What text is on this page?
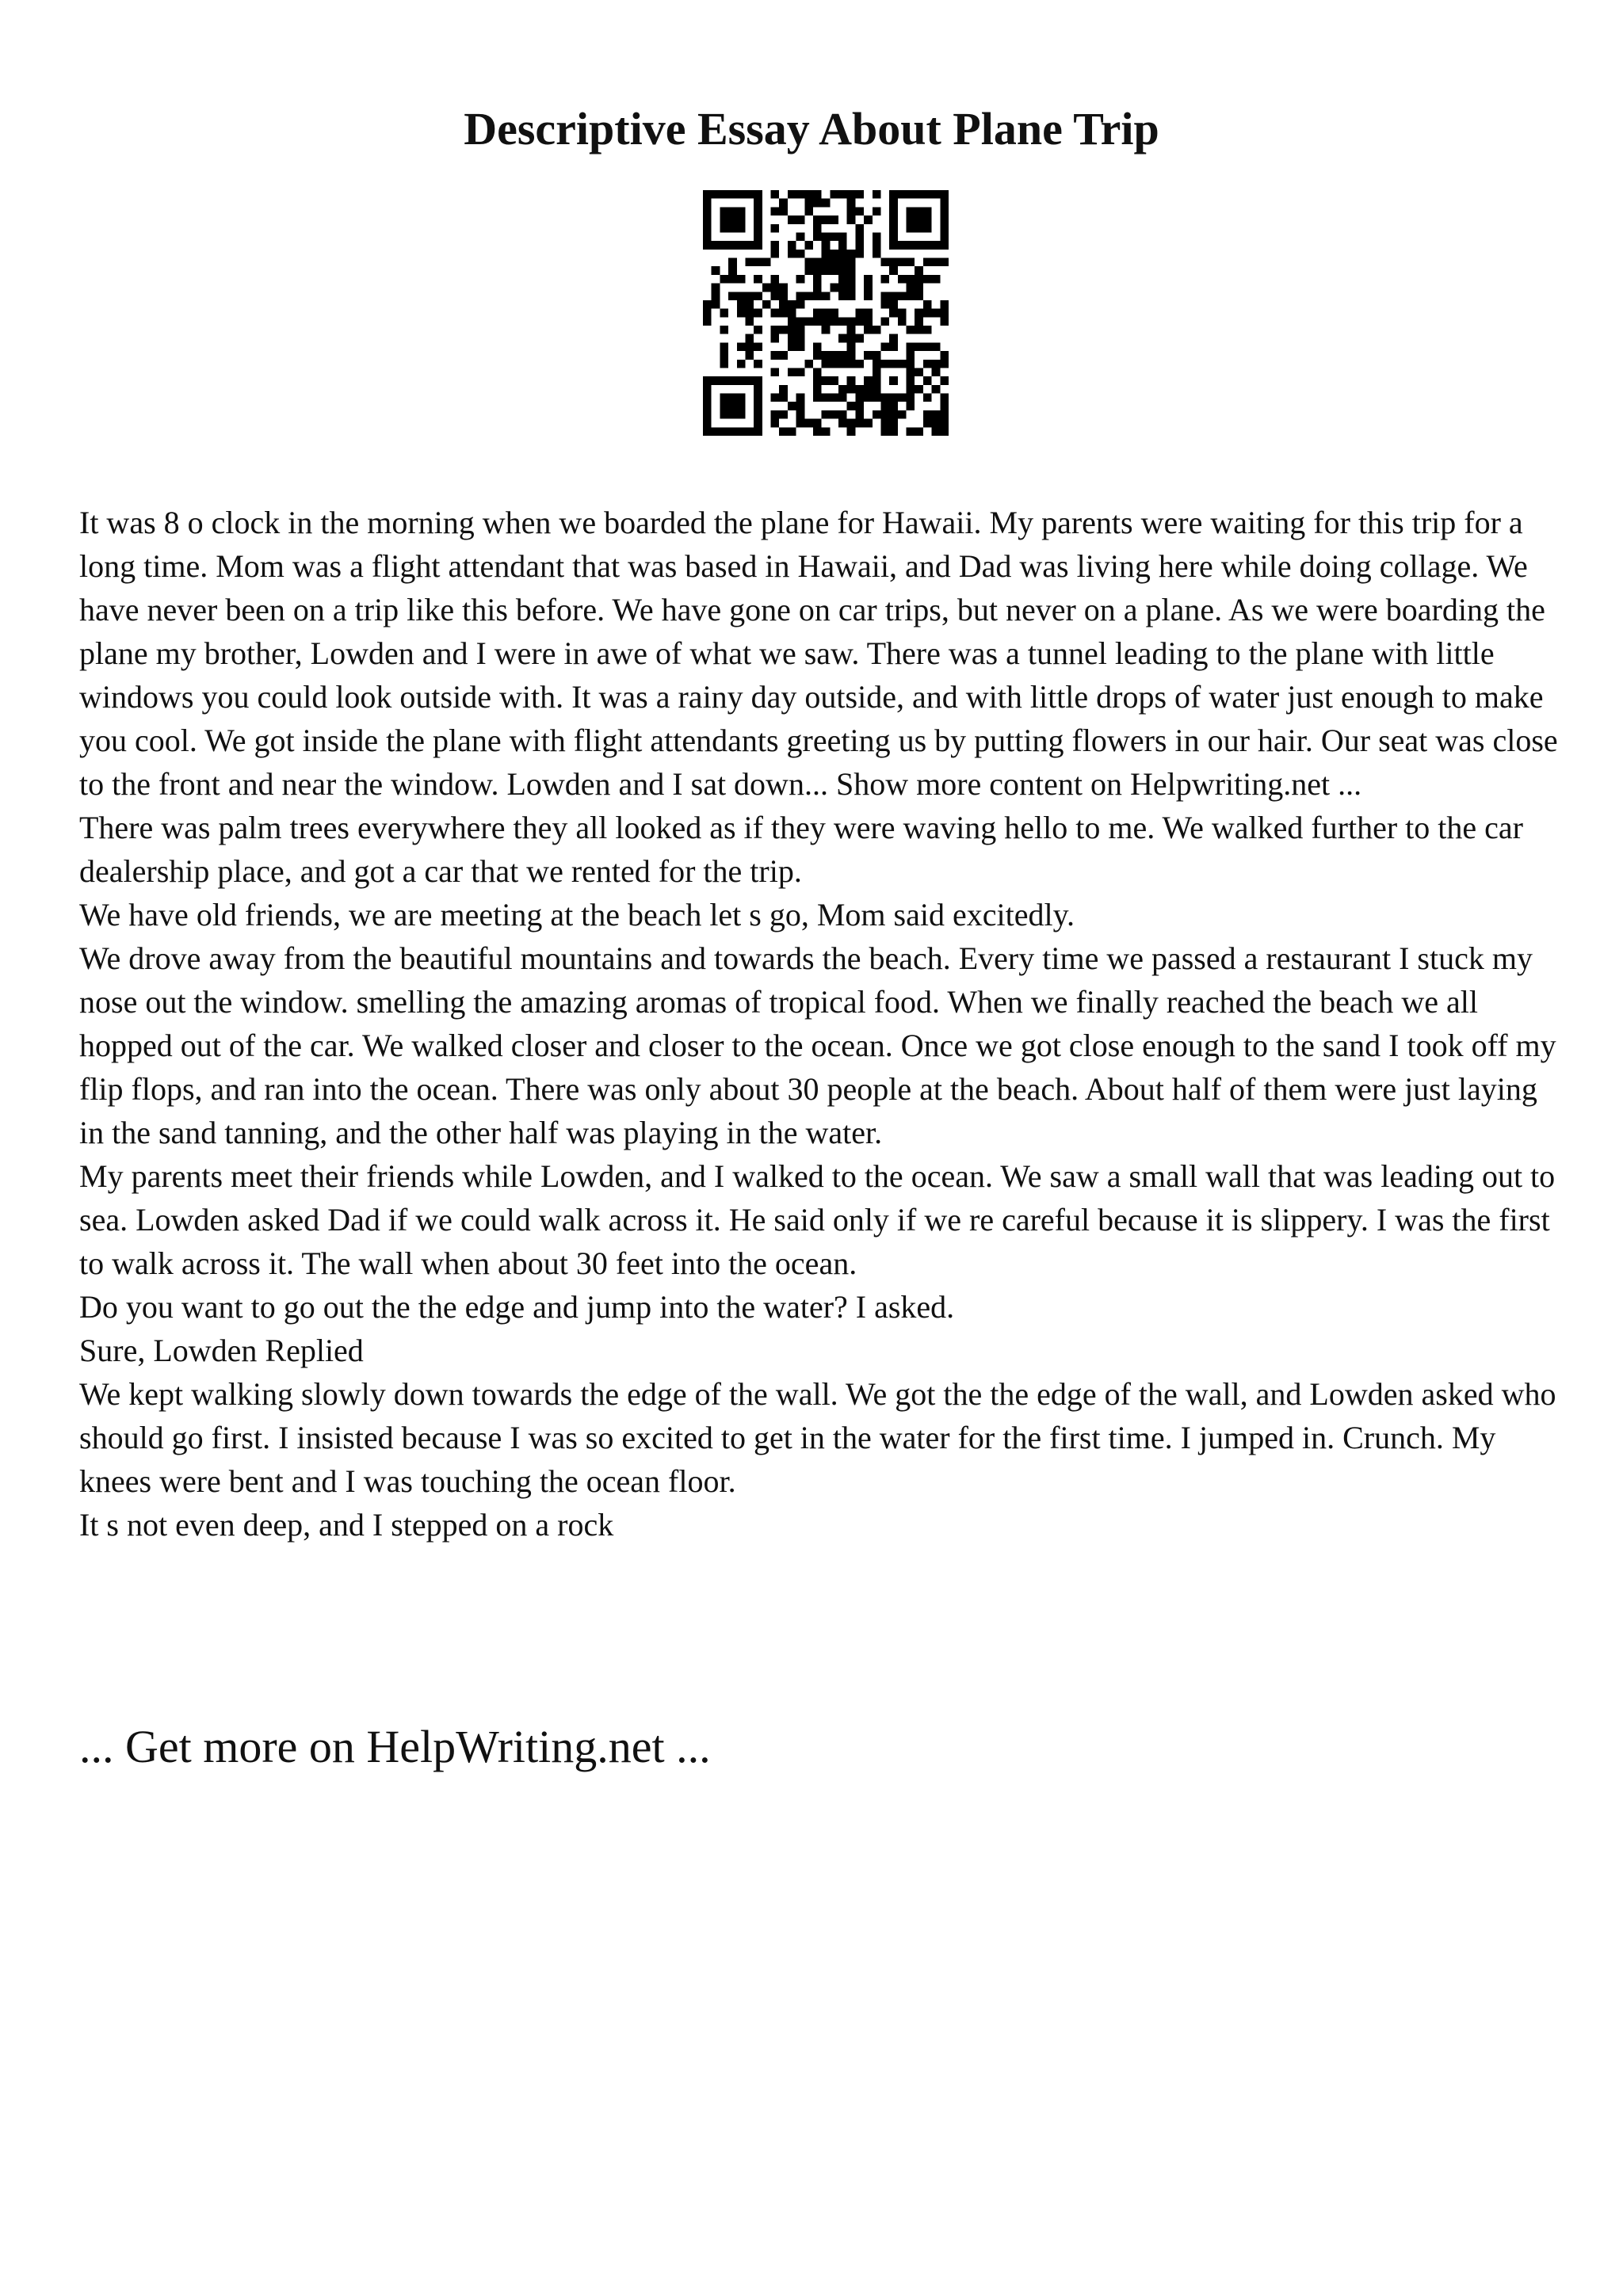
Descriptive Essay About Plane Trip

It was 8 o clock in the morning when we boarded the plane for Hawaii. My parents were waiting for this trip for a long time. Mom was a flight attendant that was based in Hawaii, and Dad was living here while doing collage. We have never been on a trip like this before. We have gone on car trips, but never on a plane. As we were boarding the plane my brother, Lowden and I were in awe of what we saw. There was a tunnel leading to the plane with little windows you could look outside with. It was a rainy day outside, and with little drops of water just enough to make you cool. We got inside the plane with flight attendants greeting us by putting flowers in our hair. Our seat was close to the front and near the window. Lowden and I sat down... Show more content on Helpwriting.net ...

There was palm trees everywhere they all looked as if they were waving hello to me. We walked further to the car dealership place, and got a car that we rented for the trip.

We have old friends, we are meeting at the beach let s go, Mom said excitedly.

We drove away from the beautiful mountains and towards the beach. Every time we passed a restaurant I stuck my nose out the window. smelling the amazing aromas of tropical food. When we finally reached the beach we all hopped out of the car. We walked closer and closer to the ocean. Once we got close enough to the sand I took off my flip flops, and ran into the ocean. There was only about 30 people at the beach. About half of them were just laying in the sand tanning, and the other half was playing in the water.

My parents meet their friends while Lowden, and I walked to the ocean. We saw a small wall that was leading out to sea. Lowden asked Dad if we could walk across it. He said only if we re careful because it is slippery. I was the first to walk across it. The wall when about 30 feet into the ocean.

Do you want to go out the the edge and jump into the water? I asked.

Sure, Lowden Replied

We kept walking slowly down towards the edge of the wall. We got the the edge of the wall, and Lowden asked who should go first. I insisted because I was so excited to get in the water for the first time. I jumped in. Crunch. My knees were bent and I was touching the ocean floor.

It s not even deep, and I stepped on a rock

... Get more on HelpWriting.net ...
